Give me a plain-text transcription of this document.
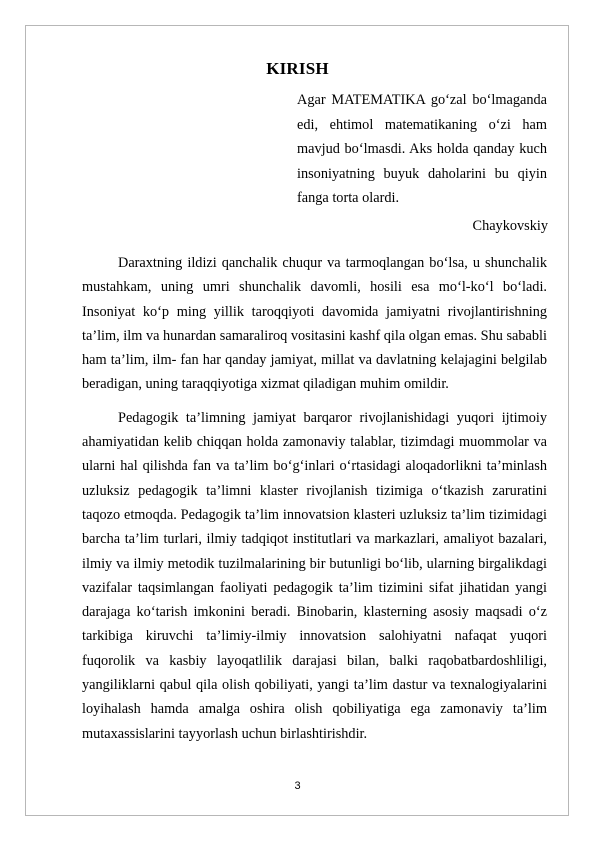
KIRISH

Agar MATEMATIKA go‘zal bo‘lmaganda edi, ehtimol matematikaning o‘zi ham mavjud bo‘lmasdi. Aks holda qanday kuch insoniyatning buyuk daholarini bu qiyin fanga torta olardi.

Chaykovskiy

Daraxtning ildizi qanchalik chuqur va tarmoqlangan bo‘lsa, u shunchalik mustahkam, uning umri shunchalik davomli, hosili esa mo‘l-ko‘l bo‘ladi. Insoniyat ko‘p ming yillik taroqqiyoti davomida jamiyatni rivojlantirishning ta’lim, ilm va hunardan samaraliroq vositasini kashf qila olgan emas. Shu sababli ham ta’lim, ilm- fan har qanday jamiyat, millat va davlatning kelajagini belgilab beradigan, uning taraqqiyotiga xizmat qiladigan muhim omildir.

Pedagogik ta’limning jamiyat barqaror rivojlanishidagi yuqori ijtimoiy ahamiyatidan kelib chiqqan holda zamonaviy talablar, tizimdagi muommolar va ularni hal qilishda fan va ta’lim bo‘g‘inlari o‘rtasidagi aloqadorlikni ta’minlash uzluksiz pedagogik ta’limni klaster rivojlanish tizimiga o‘tkazish zaruratini taqozo etmoqda. Pedagogik ta’lim innovatsion klasteri uzluksiz ta’lim tizimidagi barcha ta’lim turlari, ilmiy tadqiqot institutlari va markazlari, amaliyot bazalari, ilmiy va ilmiy metodik tuzilmalarining bir butunligi bo‘lib, ularning birgalikdagi vazifalar taqsimlangan faoliyati pedagogik ta’lim tizimini sifat jihatidan yangi darajaga ko‘tarish imkonini beradi. Binobarin, klasterning asosiy maqsadi o‘z tarkibiga kiruvchi ta’limiy-ilmiy innovatsion salohiyatni nafaqat yuqori fuqorolik va kasbiy layoqatlilik darajasi bilan, balki raqobatbardoshliligi, yangiliklarni qabul qila olish qobiliyati, yangi ta’lim dastur va texnalogiyalarini loyihalash hamda amalga oshira olish qobiliyatiga ega zamonaviy ta’lim mutaxassislarini tayyorlash uchun birlashtirishdir.

3
